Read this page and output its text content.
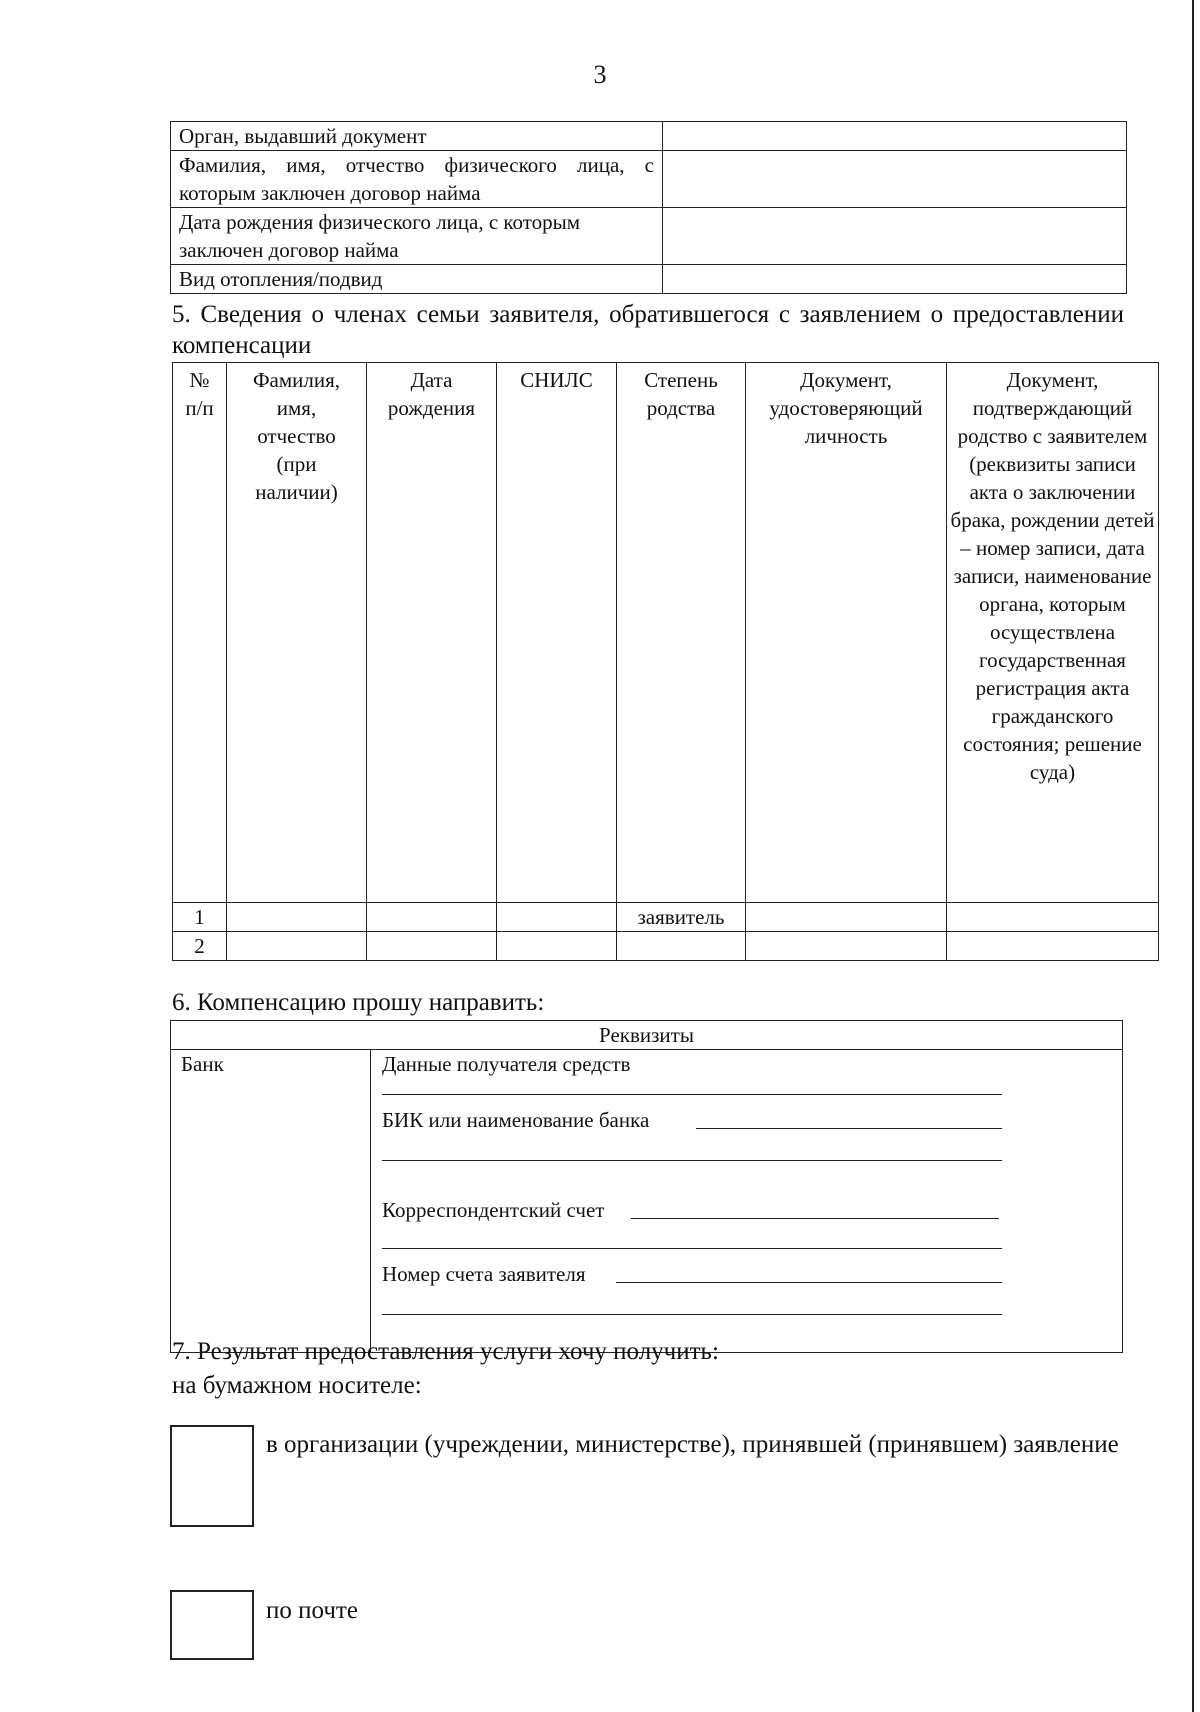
3
Орган, выдавший документ	
Фамилия, имя, отчество физического лица, с которым заключен договор найма	
Дата рождения физического лица, с которым заключен договор найма	
Вид отопления/подвид	
5. Сведения о членах семьи заявителя, обратившегося с заявлением о предоставлении компенсации
№ п/п	Фамилия, имя, отчество (при наличии)	Дата рождения	СНИЛС	Степень родства	Документ, удостоверяющий личность	Документ, подтверждающий родство с заявителем (реквизиты записи акта о заключении брака, рождении детей – номер записи, дата записи, наименование органа, которым осуществлена государственная регистрация акта гражданского состояния; решение суда)
1				заявитель		
2						
6. Компенсацию прошу направить:
Реквизиты
Банк	Данные получателя средств
БИК или наименование банка
Корреспондентский счет
Номер счета заявителя
7. Результат предоставления услуги хочу получить:
на бумажном носителе:
в организации (учреждении, министерстве), принявшей (принявшем) заявление
по почте
